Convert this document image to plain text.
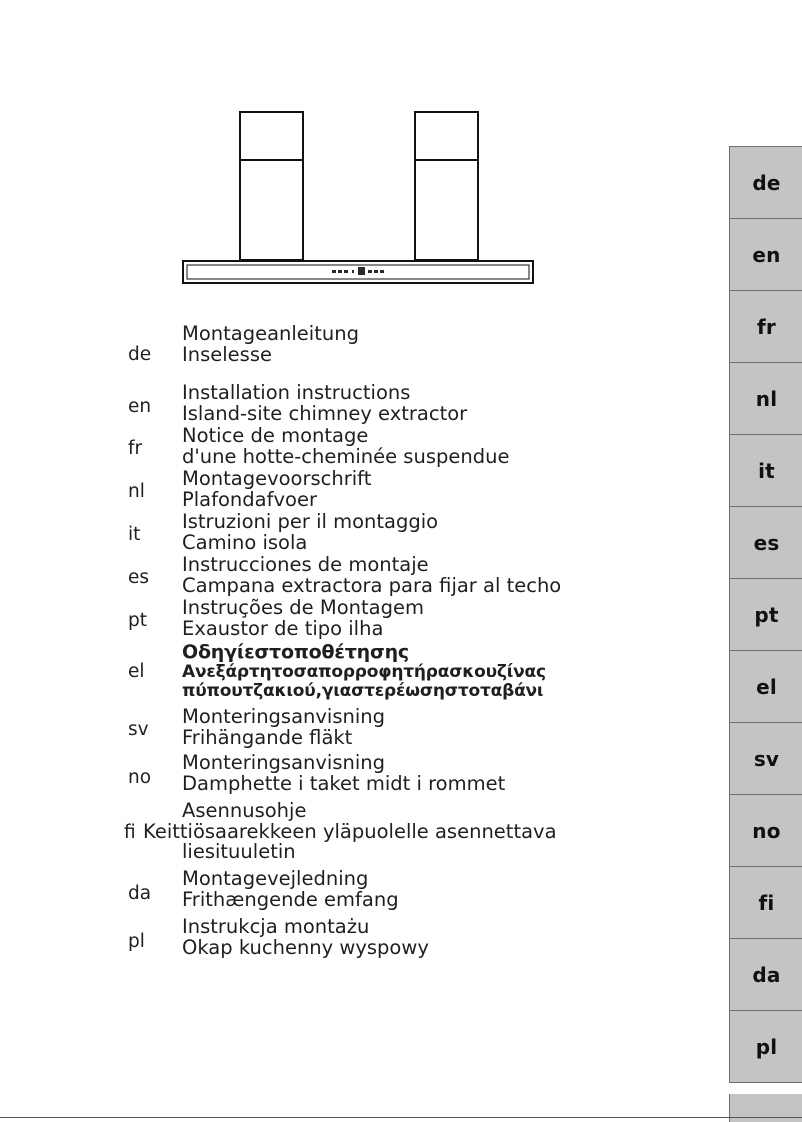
de
Montageanleitung
Inselesse
en
Installation instructions
Island-site chimney extractor
fr
Notice de montage
d'une hotte-cheminée suspendue
nl
Montagevoorschrift
Plafondafvoer
it
Istruzioni per il montaggio
Camino isola
es
Instrucciones de montaje
Campana extractora para fijar al techo
pt
Instruções de Montagem
Exaustor de tipo ilha
el
Οδηγίεστοποθέτησης
Ανεξάρτητοσαπορροφητήρασκουζίνας
πύπουτζακιού,γιαστερέωσηστοταβάνι
sv
Monteringsanvisning
Frihängande fläkt
no
Monteringsanvisning
Damphette i taket midt i rommet
fi
Asennusohje
Keittiösaarekkeen yläpuolelle asennettava
liesituuletin
da
Montagevejledning
Frithængende emfang
pl
Instrukcja montażu
Okap kuchenny wyspowy
de
en
fr
nl
it
es
pt
el
sv
no
fi
da
pl
